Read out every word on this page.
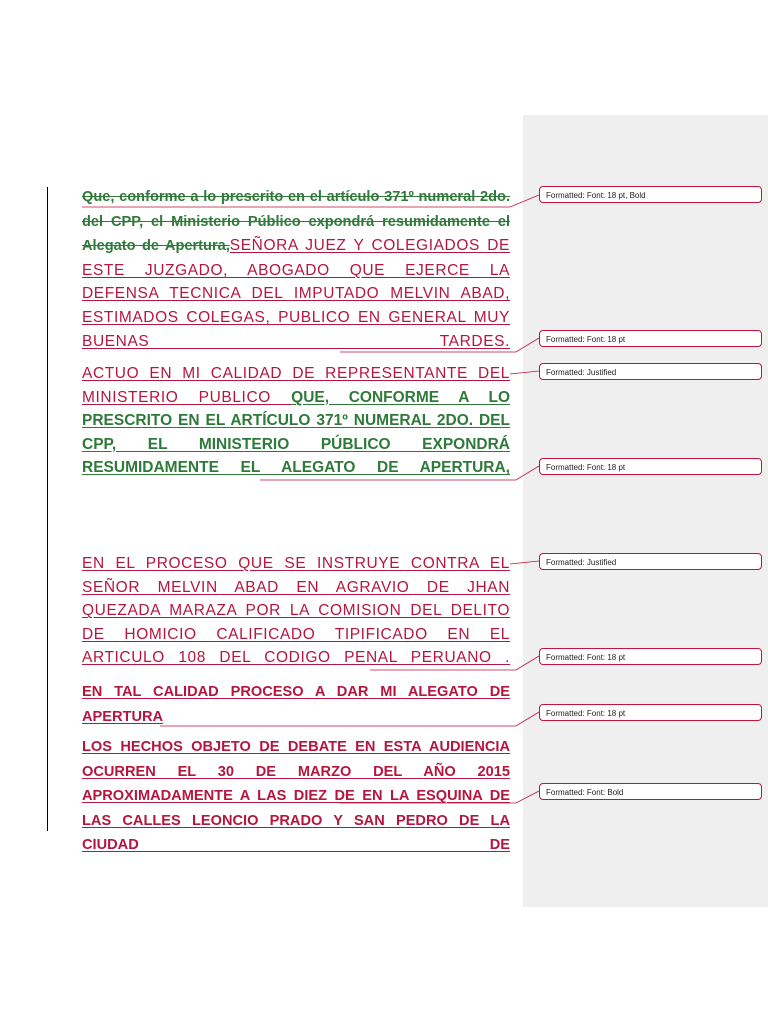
Que, conforme a lo prescrito en el artículo 371º numeral 2do. del CPP, el Ministerio Público expondrá resumidamente el Alegato de Apertura,SEÑORA JUEZ Y COLEGIADOS DE ESTE JUZGADO, ABOGADO QUE EJERCE LA DEFENSA TECNICA DEL IMPUTADO MELVIN ABAD, ESTIMADOS COLEGAS, PUBLICO EN GENERAL MUY BUENAS TARDES.
ACTUO EN MI CALIDAD DE REPRESENTANTE DEL MINISTERIO PUBLICO QUE, CONFORME A LO PRESCRITO EN EL ARTÍCULO 371º NUMERAL 2DO. DEL CPP, EL MINISTERIO PÚBLICO EXPONDRÁ RESUMIDAMENTE EL ALEGATO DE APERTURA,
EN EL PROCESO QUE SE INSTRUYE CONTRA EL SEÑOR MELVIN ABAD EN AGRAVIO DE JHAN QUEZADA MARAZA POR LA COMISION DEL DELITO DE HOMICIO CALIFICADO TIPIFICADO EN EL ARTICULO 108 DEL CODIGO PENAL PERUANO .
EN TAL CALIDAD PROCESO A DAR MI ALEGATO DE APERTURA
LOS HECHOS OBJETO DE DEBATE EN ESTA AUDIENCIA OCURREN EL 30 DE MARZO DEL AÑO 2015 APROXIMADAMENTE A LAS DIEZ DE EN LA ESQUINA DE LAS CALLES LEONCIO PRADO Y SAN PEDRO DE LA CIUDAD DE
Formatted: Font: 18 pt, Bold
Formatted: Font: 18 pt
Formatted: Justified
Formatted: Font: 18 pt
Formatted: Justified
Formatted: Font: 18 pt
Formatted: Font: 18 pt
Formatted: Font: Bold
